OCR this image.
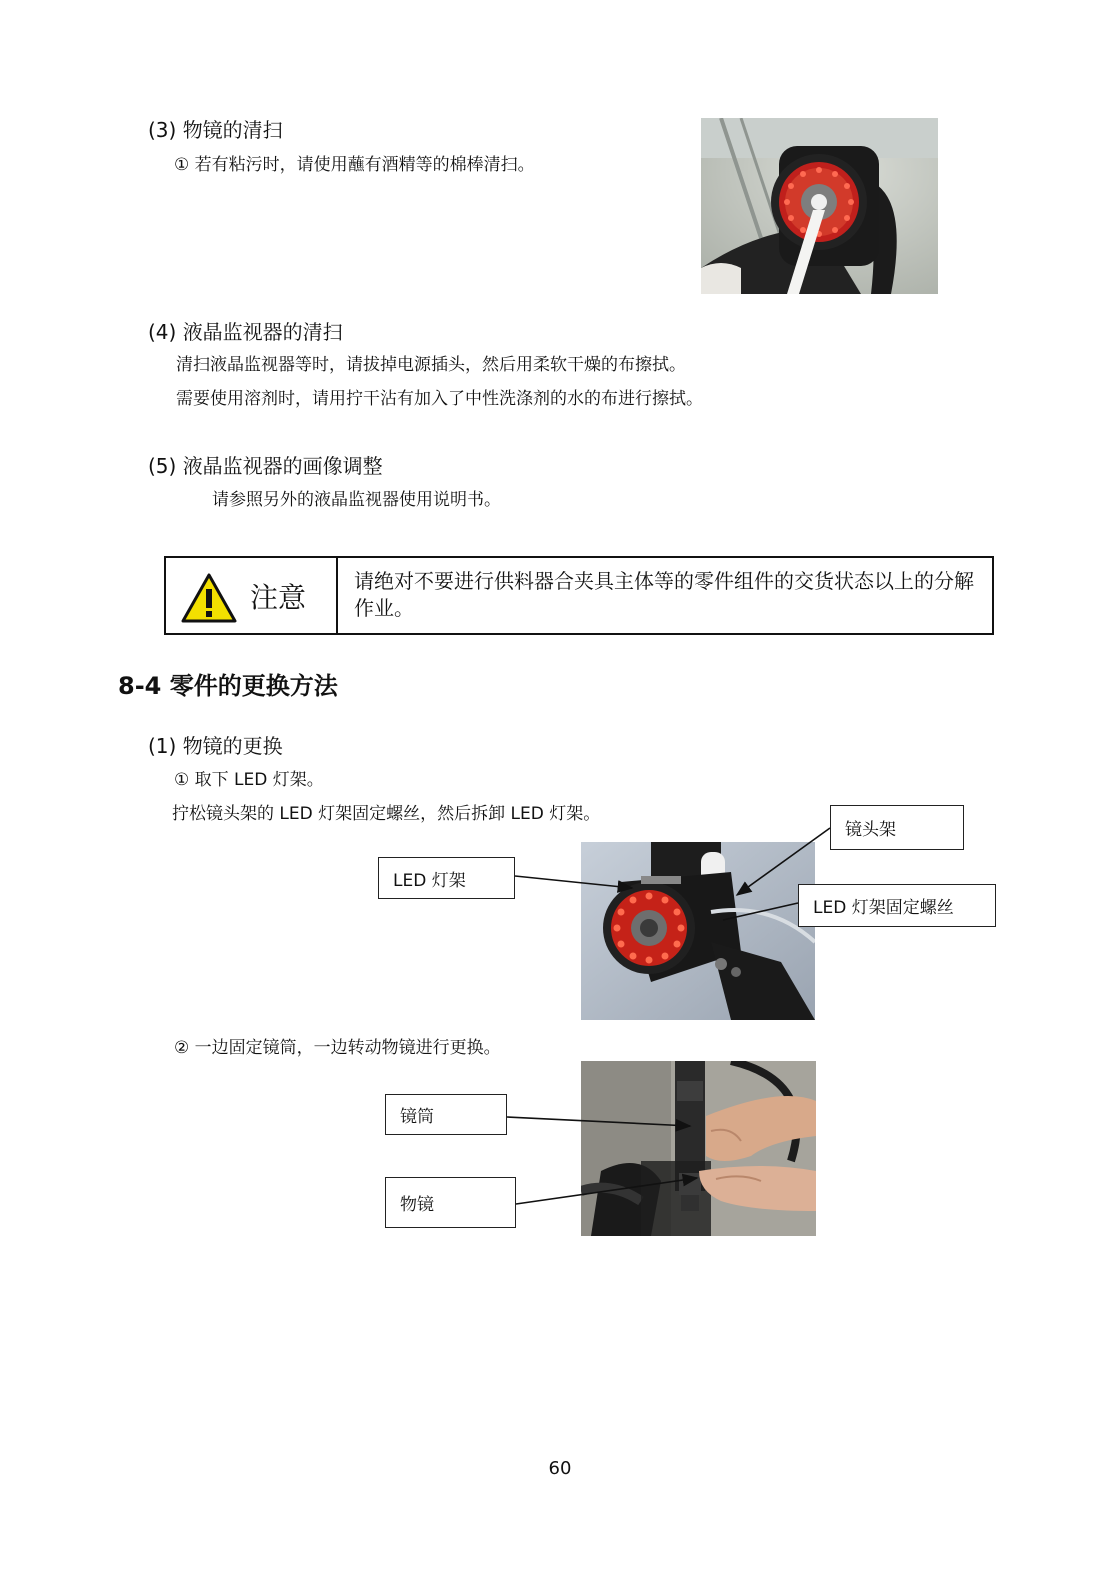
(3) 物镜的清扫
① 若有粘污时，请使用蘸有酒精等的棉棒清扫。
(4) 液晶监视器的清扫
清扫液晶监视器等时，请拔掉电源插头，然后用柔软干燥的布擦拭。
需要使用溶剂时，请用拧干沾有加入了中性洗涤剂的水的布进行擦拭。
(5) 液晶监视器的画像调整
请参照另外的液晶监视器使用说明书。
注意 请绝对不要进行供料器合夹具主体等的零件组件的交货状态以上的分解作业。
8-4 零件的更换方法
(1) 物镜的更换
① 取下 LED 灯架。
拧松镜头架的 LED 灯架固定螺丝，然后拆卸 LED 灯架。
镜头架
LED 灯架
LED 灯架固定螺丝
② 一边固定镜筒，一边转动物镜进行更换。
镜筒
物镜
60
